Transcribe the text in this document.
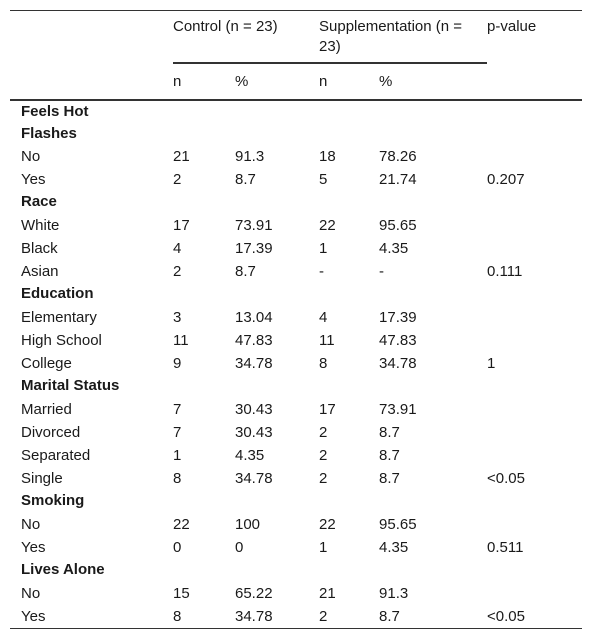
	Control (n = 23)		Supplementation (n = 23)		p-value
	n	%	n	%	
Feels Hot Flashes					
No	21	91.3	18	78.26	
Yes	2	8.7	5	21.74	0.207
Race					
White	17	73.91	22	95.65	
Black	4	17.39	1	4.35	
Asian	2	8.7	-	-	0.111
Education					
Elementary	3	13.04	4	17.39	
High School	11	47.83	11	47.83	
College	9	34.78	8	34.78	1
Marital Status					
Married	7	30.43	17	73.91	
Divorced	7	30.43	2	8.7	
Separated	1	4.35	2	8.7	
Single	8	34.78	2	8.7	<0.05
Smoking					
No	22	100	22	95.65	
Yes	0	0	1	4.35	0.511
Lives Alone					
No	15	65.22	21	91.3	
Yes	8	34.78	2	8.7	<0.05
